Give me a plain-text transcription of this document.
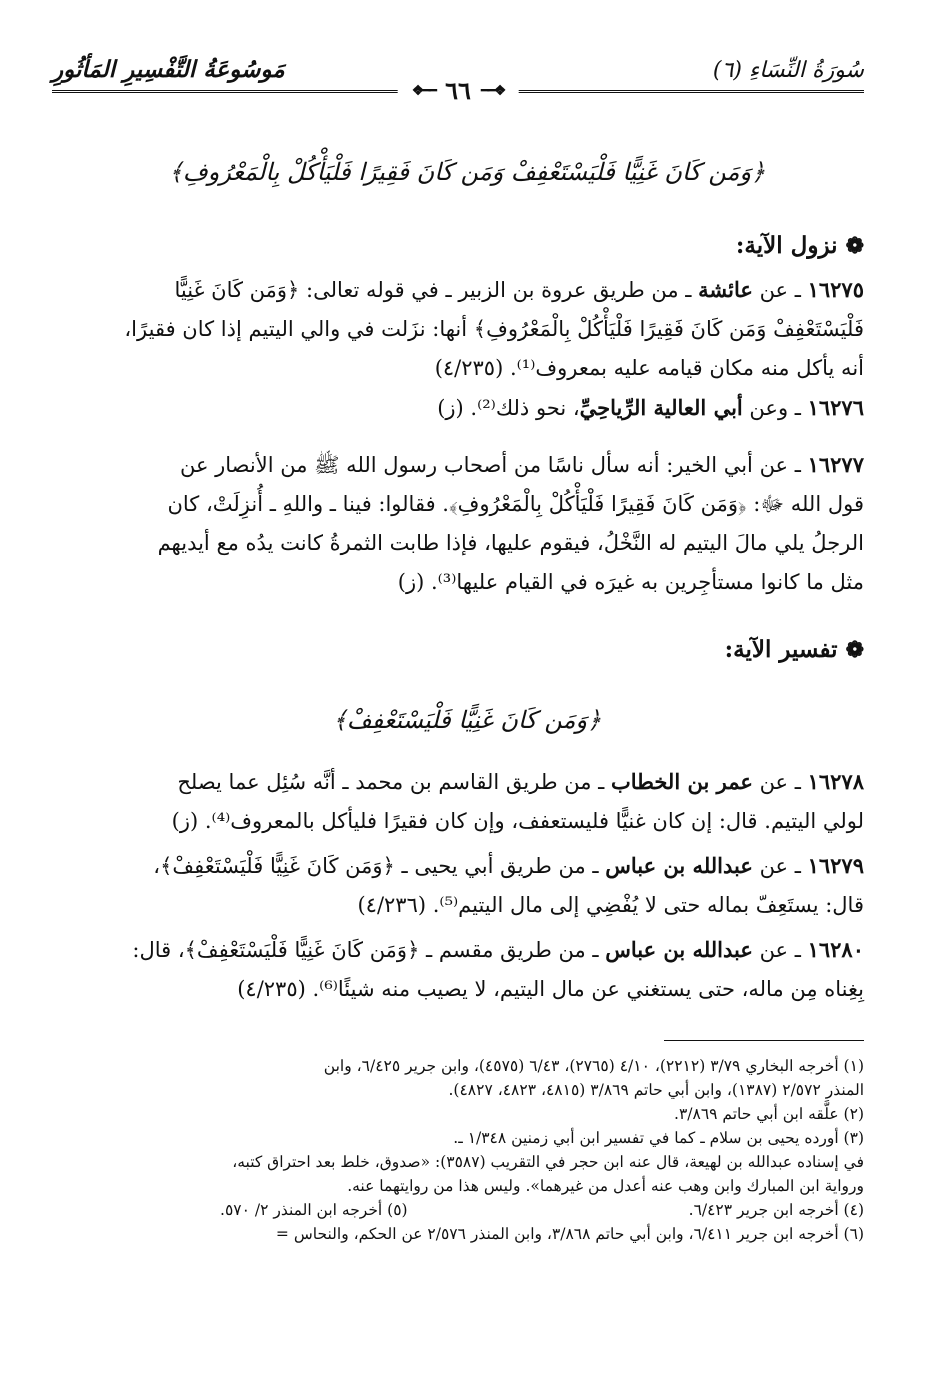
سُورَةُ النِّسَاءِ (٦)
مَوسُوعَةُ التَّفْسِيرِ المَأثُورِ
❖━━
٦٦
━━❖
﴿وَمَن كَانَ غَنِيًّا فَلْيَسْتَعْفِفْ وَمَن كَانَ فَقِيرًا فَلْيَأْكُلْ بِالْمَعْرُوفِ﴾
❁
نزول الآية:
١٦٢٧٥ ـ عن عائشة ـ من طريق عروة بن الزبير ـ في قوله تعالى: ﴿وَمَن كَانَ غَنِيًّا
فَلْيَسْتَعْفِفْ وَمَن كَانَ فَقِيرًا فَلْيَأْكُلْ بِالْمَعْرُوفِ﴾ أنها: نزَلت في والي اليتيم إذا كان فقيرًا،
أنه يأكل منه مكان قيامه عليه بمعروف⁽¹⁾. (٤/٢٣٥)
١٦٢٧٦ ـ وعن أبي العالية الرِّياحِيِّ، نحو ذلك⁽²⁾. (ز)
١٦٢٧٧ ـ عن أبي الخير: أنه سأل ناسًا من أصحاب رسول الله ﷺ من الأنصار عن
قول الله ﷻ: ﴿وَمَن كَانَ فَقِيرًا فَلْيَأْكُلْ بِالْمَعْرُوفِ﴾. فقالوا: فينا ـ واللهِ ـ أُنزِلَتْ، كان
الرجلُ يلي مالَ اليتيم له النَّخْلُ، فيقوم عليها، فإذا طابت الثمرةُ كانت يدُه مع أيديهم
مثل ما كانوا مستأجِرين به غيرَه في القيام عليها⁽³⁾. (ز)
❁
تفسير الآية:
﴿وَمَن كَانَ غَنِيًّا فَلْيَسْتَعْفِفْ﴾
١٦٢٧٨ ـ عن عمر بن الخطاب ـ من طريق القاسم بن محمد ـ أنَّه سُئِل عما يصلح
لولي اليتيم. قال: إن كان غنيًّا فليستعفف، وإن كان فقيرًا فليأكل بالمعروف⁽⁴⁾. (ز)
١٦٢٧٩ ـ عن عبدالله بن عباس ـ من طريق أبي يحيى ـ ﴿وَمَن كَانَ غَنِيًّا فَلْيَسْتَعْفِفْ﴾،
قال: يستَعِفّ بماله حتى لا يُفْضِي إلى مال اليتيم⁽⁵⁾. (٤/٢٣٦)
١٦٢٨٠ ـ عن عبدالله بن عباس ـ من طريق مقسم ـ ﴿وَمَن كَانَ غَنِيًّا فَلْيَسْتَعْفِفْ﴾، قال:
بِغِناه مِن ماله، حتى يستغني عن مال اليتيم، لا يصيب منه شيئًا⁽⁶⁾. (٤/٢٣٥)
(١) أخرجه البخاري ٣/٧٩ (٢٢١٢)، ٤/١٠ (٢٧٦٥)، ٦/٤٣ (٤٥٧٥)، وابن جرير ٦/٤٢٥، وابن
المنذر ٢/٥٧٢ (١٣٨٧)، وابن أبي حاتم ٣/٨٦٩ (٤٨١٥، ٤٨٢٣، ٤٨٢٧).
(٢) علَّقه ابن أبي حاتم ٣/٨٦٩.
(٣) أورده يحيى بن سلام ـ كما في تفسير ابن أبي زمنين ١/٣٤٨ ـ.
في إسناده عبدالله بن لهيعة، قال عنه ابن حجر في التقريب (٣٥٨٧): «صدوق، خلط بعد احتراق كتبه،
ورواية ابن المبارك وابن وهب عنه أعدل من غيرهما». وليس هذا من روايتهما عنه.
(٤) أخرجه ابن جرير ٦/٤٢٣.
(٥) أخرجه ابن المنذر ٢/ ٥٧٠.
(٦) أخرجه ابن جرير ٦/٤١١، وابن أبي حاتم ٣/٨٦٨، وابن المنذر ٢/٥٧٦ عن الحكم، والنحاس =
